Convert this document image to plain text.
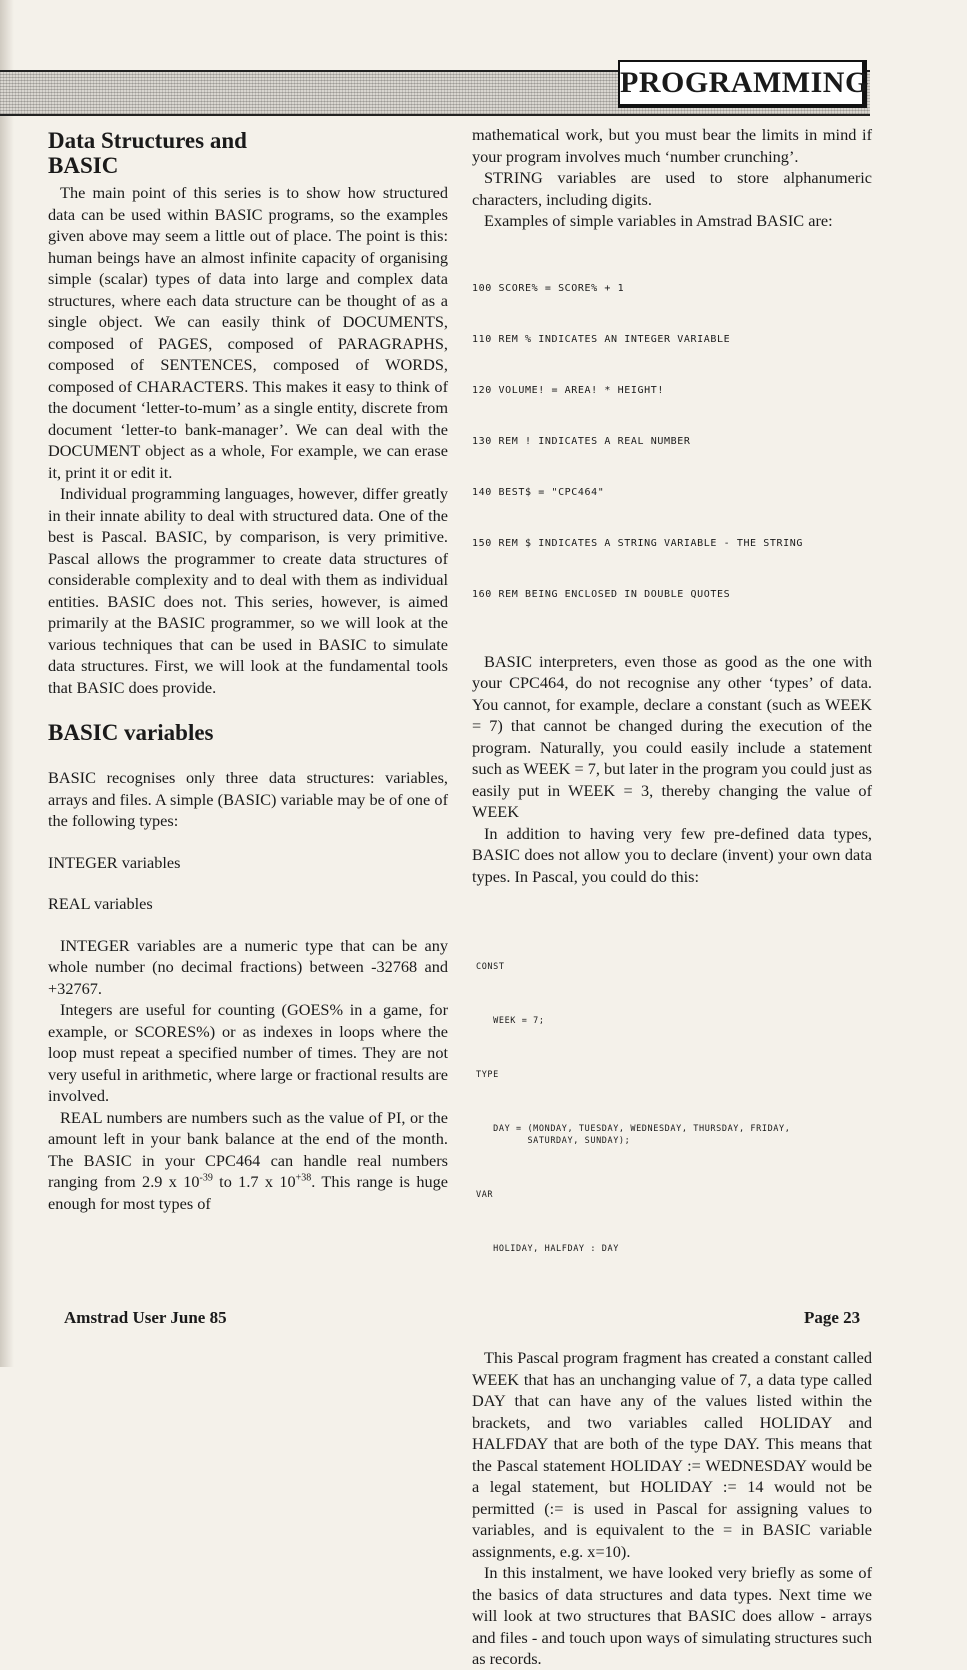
PROGRAMMING
Data Structures and
BASIC

The main point of this series is to show how structured data can be used within BASIC programs, so the examples given above may seem a little out of place. The point is this: human beings have an almost infinite capacity of organising simple (scalar) types of data into large and complex data structures, where each data structure can be thought of as a single object. We can easily think of DOCUMENTS, composed of PAGES, composed of PARAGRAPHS, composed of SENTENCES, composed of WORDS, composed of CHARACTERS. This makes it easy to think of the document ‘letter-to-mum’ as a single entity, discrete from document ‘letter-to bank-manager’. We can deal with the DOCUMENT object as a whole, For example, we can erase it, print it or edit it.

Individual programming languages, however, differ greatly in their innate ability to deal with structured data. One of the best is Pascal. BASIC, by comparison, is very primitive. Pascal allows the programmer to create data structures of considerable complexity and to deal with them as individual entities. BASIC does not. This series, however, is aimed primarily at the BASIC programmer, so we will look at the various techniques that can be used in BASIC to simulate data structures. First, we will look at the fundamental tools that BASIC does provide.

BASIC variables

BASIC recognises only three data structures: variables, arrays and files. A simple (BASIC) variable may be of one of the following types:

INTEGER variables

REAL variables

INTEGER variables are a numeric type that can be any whole number (no decimal fractions) between -32768 and +32767.

Integers are useful for counting (GOES% in a game, for example, or SCORES%) or as indexes in loops where the loop must repeat a specified number of times. They are not very useful in arithmetic, where large or fractional results are involved.

REAL numbers are numbers such as the value of PI, or the amount left in your bank balance at the end of the month. The BASIC in your CPC464 can handle real numbers ranging from 2.9 x $10^{-39}$ to 1.7 x $10^{+38}$. This range is huge enough for most types of

mathematical work, but you must bear the limits in mind if your program involves much ‘number crunching’.

STRING variables are used to store alphanumeric characters, including digits.

Examples of simple variables in Amstrad BASIC are:

100 SCORE% = SCORE% + 1

110 REM % INDICATES AN INTEGER VARIABLE

120 VOLUME! = AREA! * HEIGHT!

130 REM ! INDICATES A REAL NUMBER

140 BEST$ = "CPC464"

150 REM $ INDICATES A STRING VARIABLE - THE STRING

160 REM BEING ENCLOSED IN DOUBLE QUOTES

BASIC interpreters, even those as good as the one with your CPC464, do not recognise any other ‘types’ of data. You cannot, for example, declare a constant (such as WEEK = 7) that cannot be changed during the execution of the program. Naturally, you could easily include a statement such as WEEK = 7, but later in the program you could just as easily put in WEEK = 3, thereby changing the value of WEEK

In addition to having very few pre-defined data types, BASIC does not allow you to declare (invent) your own data types. In Pascal, you could do this:

CONST

WEEK = 7;

TYPE

DAY = (MONDAY, TUESDAY, WEDNESDAY, THURSDAY, FRIDAY,
SATURDAY, SUNDAY);

VAR

HOLIDAY, HALFDAY : DAY

This Pascal program fragment has created a constant called WEEK that has an unchanging value of 7, a data type called DAY that can have any of the values listed within the brackets, and two variables called HOLIDAY and HALFDAY that are both of the type DAY. This means that the Pascal statement HOLIDAY := WEDNESDAY would be a legal statement, but HOLIDAY := 14 would not be permitted (:= is used in Pascal for assigning values to variables, and is equivalent to the = in BASIC variable assignments, e.g. x=10).

In this instalment, we have looked very briefly as some of the basics of data structures and data types. Next time we will look at two structures that BASIC does allow - arrays and files - and touch upon ways of simulating structures such as records.

Amstrad User June 85	Page 23
